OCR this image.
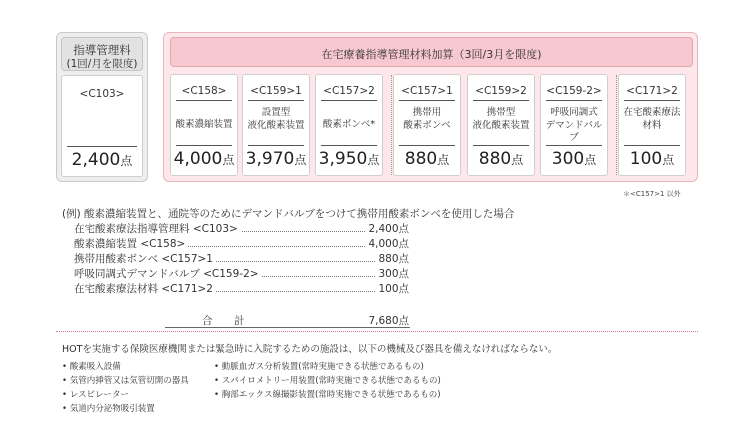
指導管理料
(1回/月を限度)
<C103>
2,400点
在宅療養指導管理材料加算（3回/3月を限度)
<C158>
酸素濃縮装置
4,000点
<C159>1
設置型
液化酸素装置
3,970点
<C157>2
酸素ボンベ*
3,950点
<C157>1
携帯用
酸素ボンベ
880点
<C159>2
携帯型
液化酸素装置
880点
<C159-2>
呼吸同調式
デマンドバルブ
300点
<C171>2
在宅酸素療法
材料
100点
＊<C157>1 以外
(例) 酸素濃縮装置と、通院等のためにデマンドバルブをつけて携帯用酸素ボンベを使用した場合
在宅酸素療法指導管理料 <C103>	2,400点
酸素濃縮装置 <C158>	4,000点
携帯用酸素ボンベ <C157>1	880点
呼吸同調式デマンドバルブ <C159-2>	300点
在宅酸素療法材料 <C171>2	100点
合 計	7,680点
HOTを実施する保険医療機関または緊急時に入院するための施設は、以下の機械及び器具を備えなければならない。
• 酸素吸入設備
• 気管内挿管又は気管切開の器具
• レスピレーター
• 気道内分泌物吸引装置
• 動脈血ガス分析装置(常時実施できる状態であるもの)
• スパイロメトリー用装置(常時実施できる状態であるもの)
• 胸部エックス線撮影装置(常時実施できる状態であるもの)
